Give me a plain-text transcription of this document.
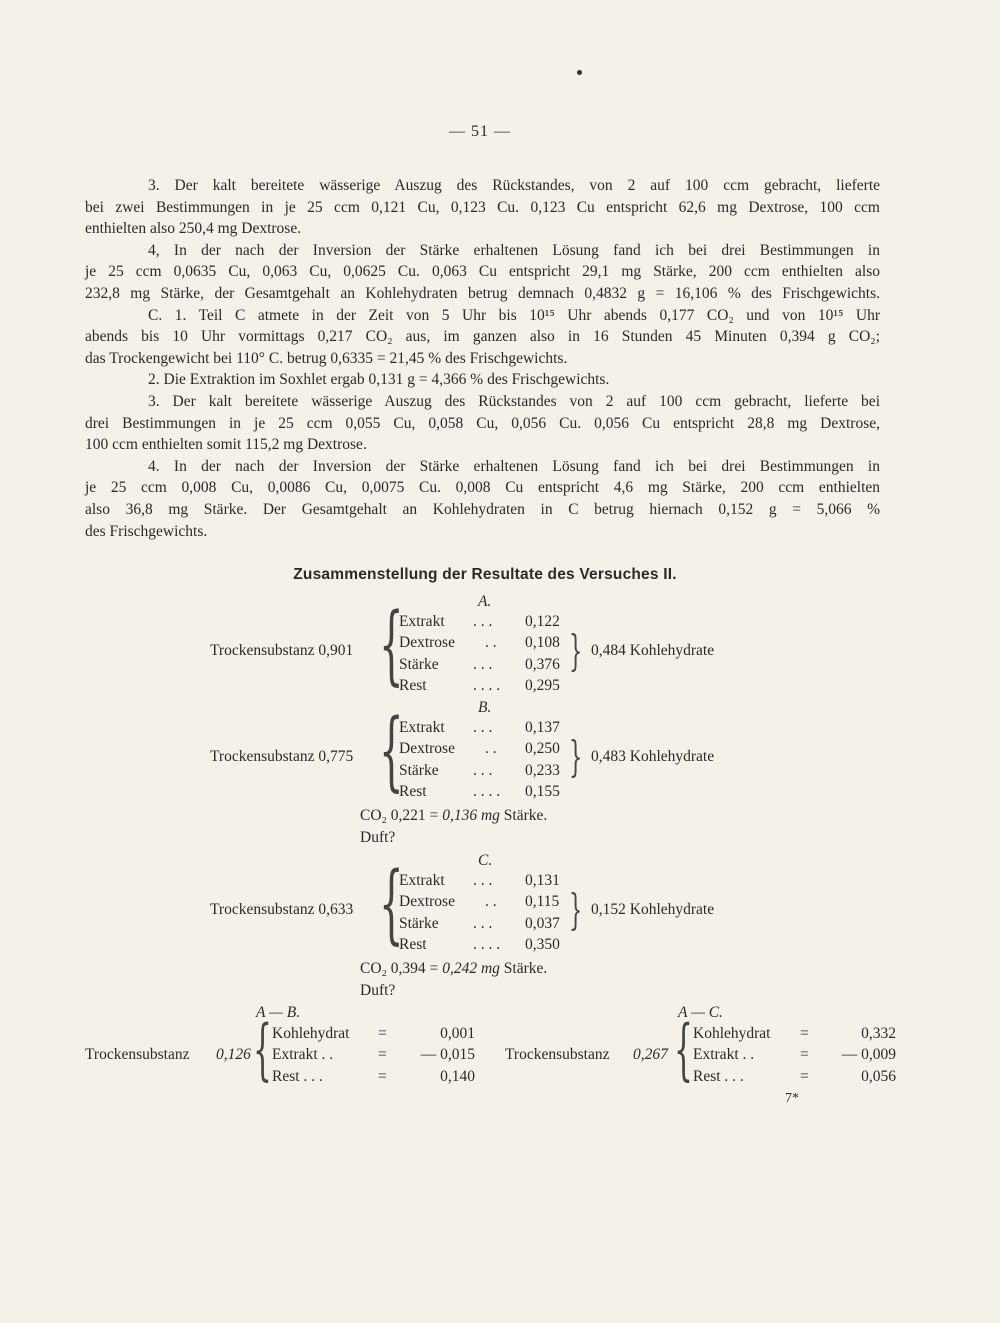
— 51 —

3. Der kalt bereitete wässerige Auszug des Rückstandes, von 2 auf 100 ccm gebracht, lieferte

bei zwei Bestimmungen in je 25 ccm 0,121 Cu, 0,123 Cu. 0,123 Cu entspricht 62,6 mg Dextrose, 100 ccm

enthielten also 250,4 mg Dextrose.

4, In der nach der Inversion der Stärke erhaltenen Lösung fand ich bei drei Bestimmungen in

je 25 ccm 0,0635 Cu, 0,063 Cu, 0,0625 Cu. 0,063 Cu entspricht 29,1 mg Stärke, 200 ccm enthielten also

232,8 mg Stärke, der Gesamtgehalt an Kohlehydraten betrug demnach 0,4832 g = 16,106 % des Frischgewichts.

C. 1. Teil C atmete in der Zeit von 5 Uhr bis 10¹⁵ Uhr abends 0,177 CO₂ und von 10¹⁵ Uhr

abends bis 10 Uhr vormittags 0,217 CO₂ aus, im ganzen also in 16 Stunden 45 Minuten 0,394 g CO₂;

das Trockengewicht bei 110° C. betrug 0,6335 = 21,45 % des Frischgewichts.

2. Die Extraktion im Soxhlet ergab 0,131 g = 4,366 % des Frischgewichts.

3. Der kalt bereitete wässerige Auszug des Rückstandes von 2 auf 100 ccm gebracht, lieferte bei

drei Bestimmungen in je 25 ccm 0,055 Cu, 0,058 Cu, 0,056 Cu. 0,056 Cu entspricht 28,8 mg Dextrose,

100 ccm enthielten somit 115,2 mg Dextrose.

4. In der nach der Inversion der Stärke erhaltenen Lösung fand ich bei drei Bestimmungen in

je 25 ccm 0,008 Cu, 0,0086 Cu, 0,0075 Cu. 0,008 Cu entspricht 4,6 mg Stärke, 200 ccm enthielten

also 36,8 mg Stärke. Der Gesamtgehalt an Kohlehydraten in C betrug hiernach 0,152 g = 5,066 %

des Frischgewichts.

Zusammenstellung der Resultate des Versuches II.
A.
Trockensubstanz 0,901 {
Extrakt . . . 0,122
Dextrose . . 0,108
Stärke . . . 0,376
Rest	. . . . 0,295
} 0,484 Kohlehydrate
B.
Trockensubstanz 0,775 {
Extrakt . . . 0,137
Dextrose . . 0,250
Stärke . . . 0,233
Rest	. . . . 0,155
} 0,483 Kohlehydrate
CO₂ 0,221 = 0,136 mg Stärke.
Duft?
C.
Trockensubstanz 0,633 {
Extrakt . . . 0,131
Dextrose . . 0,115
Stärke . . . 0,037
Rest	. . . . 0,350
} 0,152 Kohlehydrate
CO₂ 0,394 = 0,242 mg Stärke.
Duft?
A — B.
Trockensubstanz 0,126 { Kohlehydrat =	0,001
Extrakt . .	=	— 0,015
Rest . . .	=	0,140
A — C.
Trockensubstanz 0,267 { Kohlehydrat =	0,332
Extrakt . .	=	— 0,009
Rest . . .	=	0,056
7*
